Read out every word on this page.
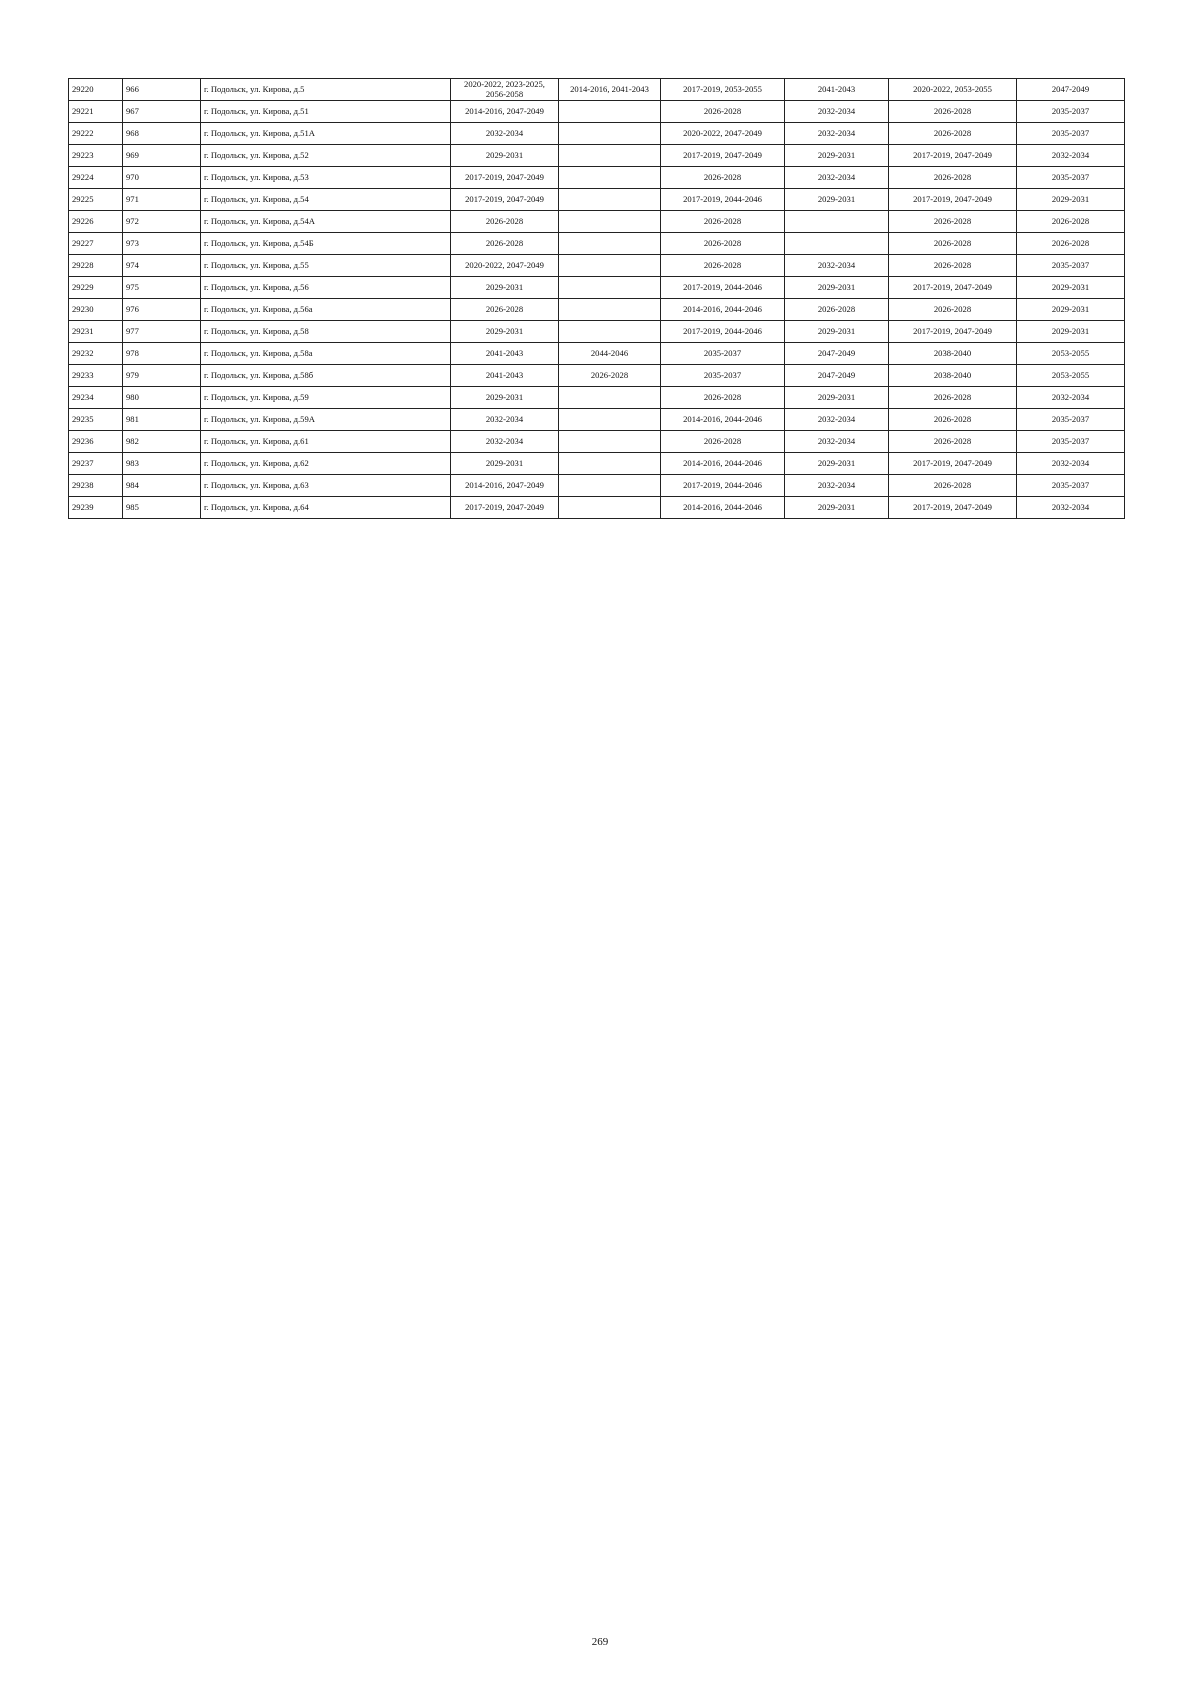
29220	966	г. Подольск, ул. Кирова, д.5	2020-2022, 2023-2025, 2056-2058	2014-2016, 2041-2043	2017-2019, 2053-2055	2041-2043	2020-2022, 2053-2055	2047-2049
29221	967	г. Подольск, ул. Кирова, д.51	2014-2016, 2047-2049		2026-2028	2032-2034	2026-2028	2035-2037
29222	968	г. Подольск, ул. Кирова, д.51А	2032-2034		2020-2022, 2047-2049	2032-2034	2026-2028	2035-2037
29223	969	г. Подольск, ул. Кирова, д.52	2029-2031		2017-2019, 2047-2049	2029-2031	2017-2019, 2047-2049	2032-2034
29224	970	г. Подольск, ул. Кирова, д.53	2017-2019, 2047-2049		2026-2028	2032-2034	2026-2028	2035-2037
29225	971	г. Подольск, ул. Кирова, д.54	2017-2019, 2047-2049		2017-2019, 2044-2046	2029-2031	2017-2019, 2047-2049	2029-2031
29226	972	г. Подольск, ул. Кирова, д.54А	2026-2028		2026-2028		2026-2028	2026-2028
29227	973	г. Подольск, ул. Кирова, д.54Б	2026-2028		2026-2028		2026-2028	2026-2028
29228	974	г. Подольск, ул. Кирова, д.55	2020-2022, 2047-2049		2026-2028	2032-2034	2026-2028	2035-2037
29229	975	г. Подольск, ул. Кирова, д.56	2029-2031		2017-2019, 2044-2046	2029-2031	2017-2019, 2047-2049	2029-2031
29230	976	г. Подольск, ул. Кирова, д.56а	2026-2028		2014-2016, 2044-2046	2026-2028	2026-2028	2029-2031
29231	977	г. Подольск, ул. Кирова, д.58	2029-2031		2017-2019, 2044-2046	2029-2031	2017-2019, 2047-2049	2029-2031
29232	978	г. Подольск, ул. Кирова, д.58а	2041-2043	2044-2046	2035-2037	2047-2049	2038-2040	2053-2055
29233	979	г. Подольск, ул. Кирова, д.58б	2041-2043	2026-2028	2035-2037	2047-2049	2038-2040	2053-2055
29234	980	г. Подольск, ул. Кирова, д.59	2029-2031		2026-2028	2029-2031	2026-2028	2032-2034
29235	981	г. Подольск, ул. Кирова, д.59А	2032-2034		2014-2016, 2044-2046	2032-2034	2026-2028	2035-2037
29236	982	г. Подольск, ул. Кирова, д.61	2032-2034		2026-2028	2032-2034	2026-2028	2035-2037
29237	983	г. Подольск, ул. Кирова, д.62	2029-2031		2014-2016, 2044-2046	2029-2031	2017-2019, 2047-2049	2032-2034
29238	984	г. Подольск, ул. Кирова, д.63	2014-2016, 2047-2049		2017-2019, 2044-2046	2032-2034	2026-2028	2035-2037
29239	985	г. Подольск, ул. Кирова, д.64	2017-2019, 2047-2049		2014-2016, 2044-2046	2029-2031	2017-2019, 2047-2049	2032-2034
269
